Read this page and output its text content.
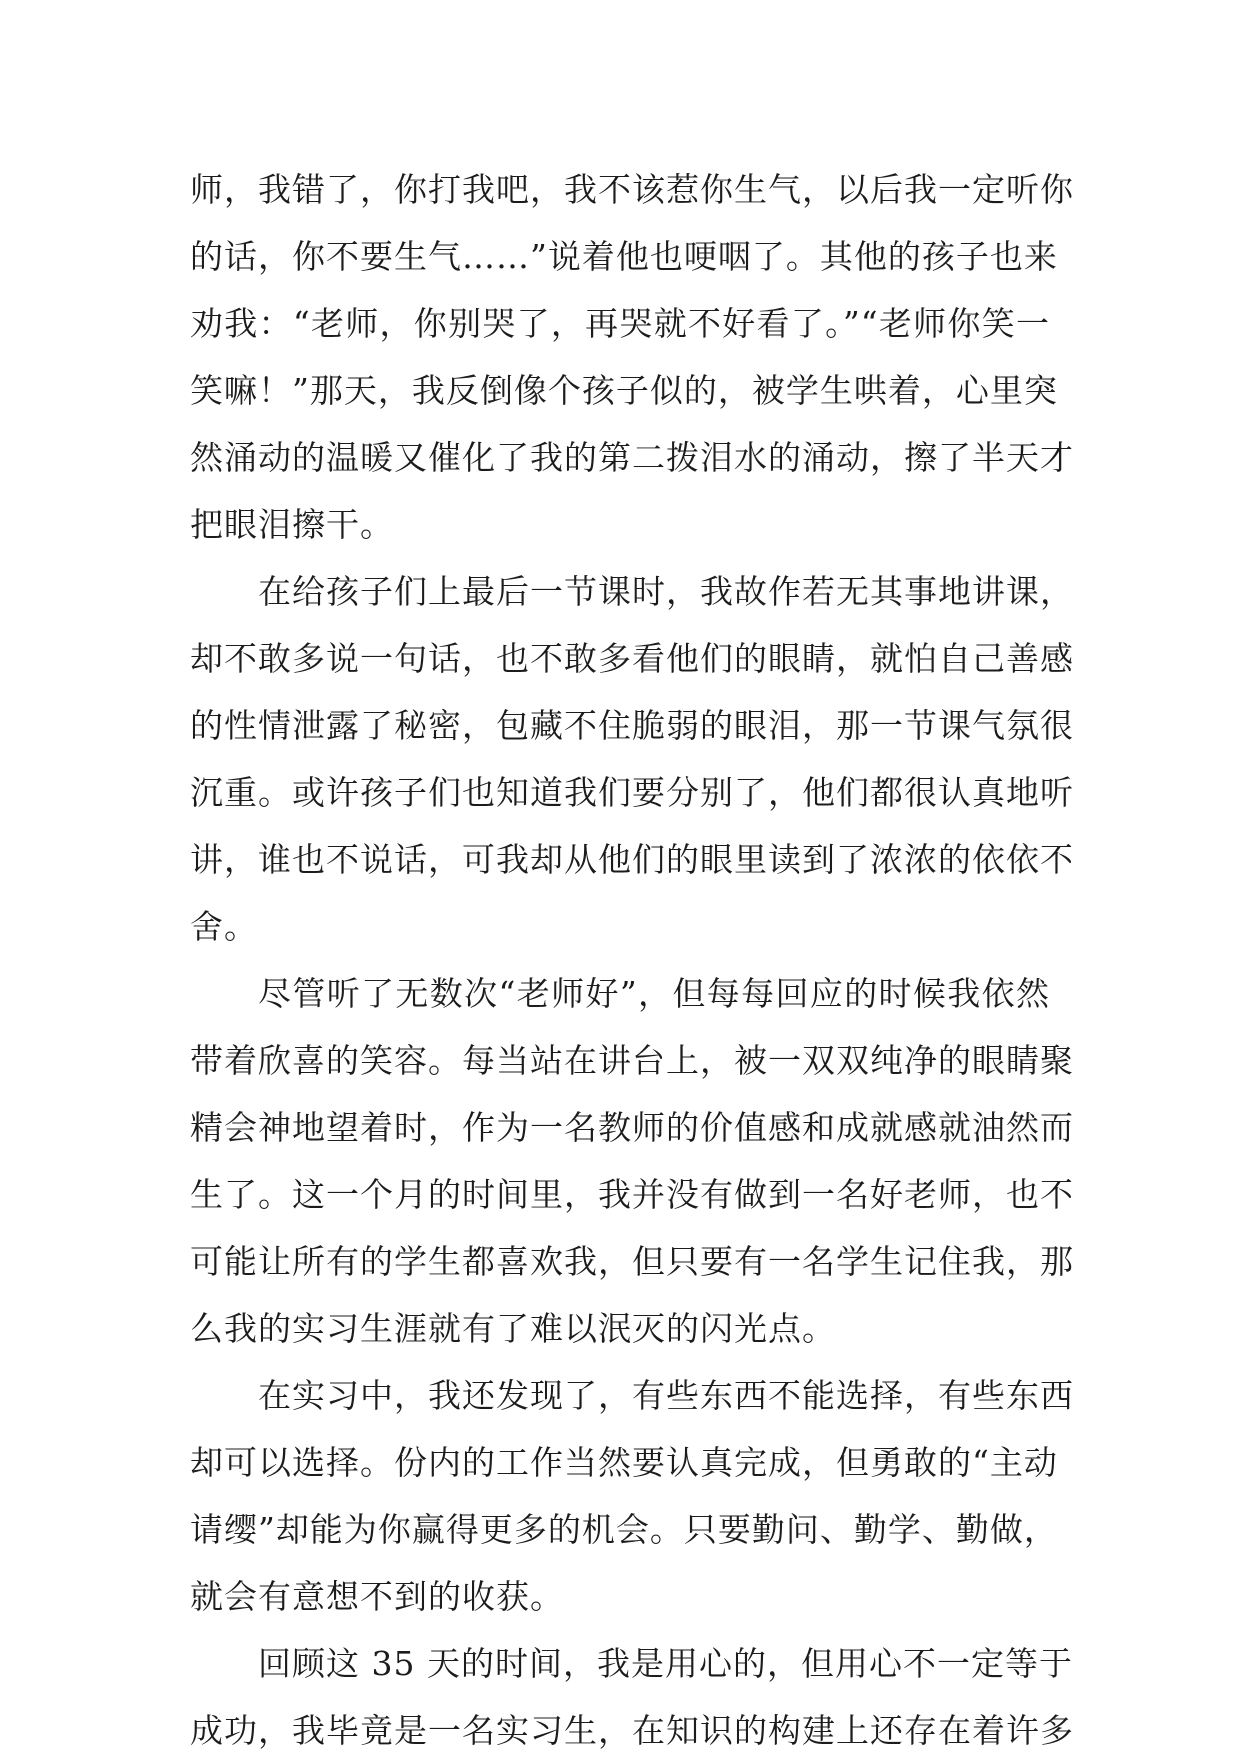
师，我错了，你打我吧，我不该惹你生气，以后我一定听你
的话，你不要生气……”说着他也哽咽了。其他的孩子也来
劝我：“老师，你别哭了，再哭就不好看了。”“老师你笑一
笑嘛！”那天，我反倒像个孩子似的，被学生哄着，心里突
然涌动的温暖又催化了我的第二拨泪水的涌动，擦了半天才
把眼泪擦干。
在给孩子们上最后一节课时，我故作若无其事地讲课，
却不敢多说一句话，也不敢多看他们的眼睛，就怕自己善感
的性情泄露了秘密，包藏不住脆弱的眼泪，那一节课气氛很
沉重。或许孩子们也知道我们要分别了，他们都很认真地听
讲，谁也不说话，可我却从他们的眼里读到了浓浓的依依不
舍。
尽管听了无数次“老师好”，但每每回应的时候我依然
带着欣喜的笑容。每当站在讲台上，被一双双纯净的眼睛聚
精会神地望着时，作为一名教师的价值感和成就感就油然而
生了。这一个月的时间里，我并没有做到一名好老师，也不
可能让所有的学生都喜欢我，但只要有一名学生记住我，那
么我的实习生涯就有了难以泯灭的闪光点。
在实习中，我还发现了，有些东西不能选择，有些东西
却可以选择。份内的工作当然要认真完成，但勇敢的“主动
请缨”却能为你赢得更多的机会。只要勤问、勤学、勤做，
就会有意想不到的收获。
回顾这 35 天的时间，我是用心的，但用心不一定等于
成功，我毕竟是一名实习生，在知识的构建上还存在着许多
